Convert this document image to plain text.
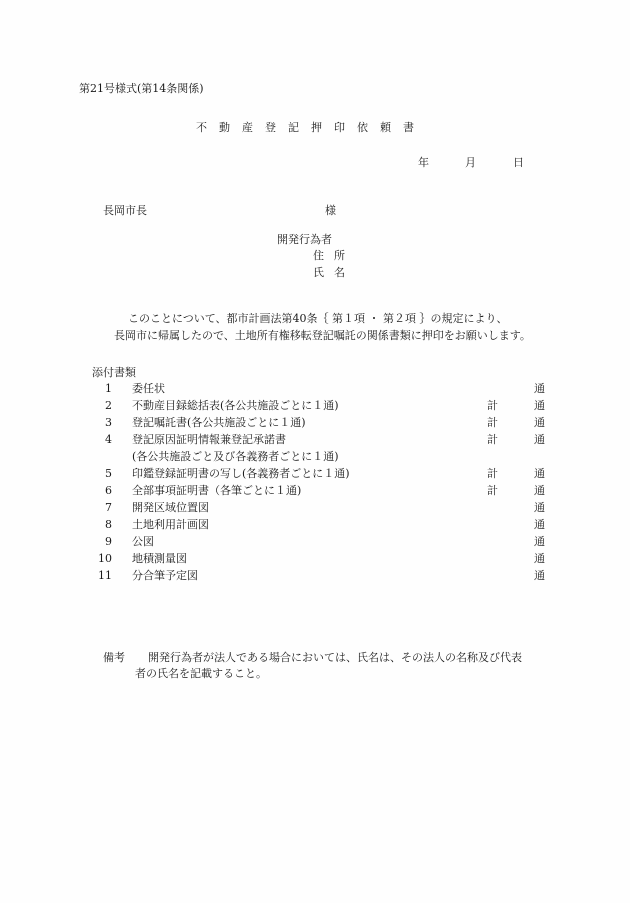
第21号様式(第14条関係)
不 動 産 登 記 押 印 依 頼 書
年	月	日
長岡市長	様
開発行為者
住 所
氏 名
このことについて、都市計画法第40条｛ 第１項 ・ 第２項 ｝の規定により、
長岡市に帰属したので、土地所有権移転登記嘱託の関係書類に押印をお願いします。
添付書類
1 委任状	通
2 不動産目録総括表(各公共施設ごとに１通)	計	通
3 登記嘱託書(各公共施設ごとに１通)	計	通
4 登記原因証明情報兼登記承諾書	計	通
(各公共施設ごと及び各義務者ごとに１通)
5 印鑑登録証明書の写し(各義務者ごとに１通)	計	通
6 全部事項証明書（各筆ごとに１通)	計	通
7 開発区域位置図	通
8 土地利用計画図	通
9 公図	通
10 地積測量図	通
11 分合筆予定図	通
備考 開発行為者が法人である場合においては、氏名は、その法人の名称及び代表
者の氏名を記載すること。
